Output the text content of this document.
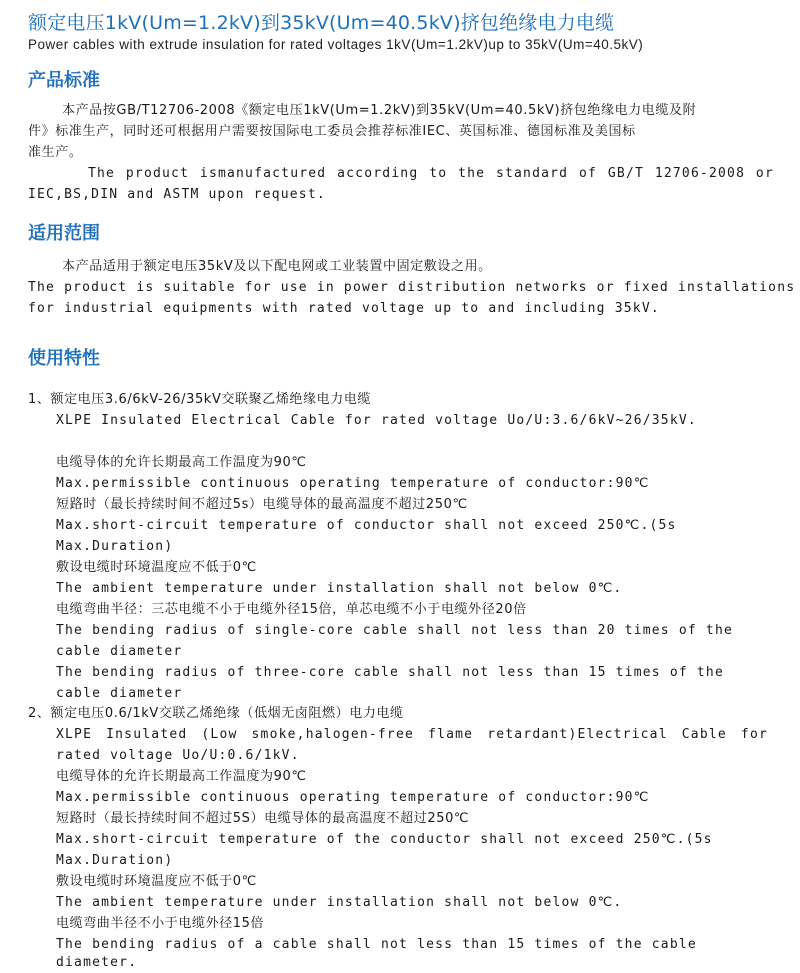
额定电压1kV(Um=1.2kV)到35kV(Um=40.5kV)挤包绝缘电力电缆
Power cables with extrude insulation for rated voltages 1kV(Um=1.2kV)up to 35kV(Um=40.5kV)
产品标准
本产品按GB/T12706-2008《额定电压1kV(Um=1.2kV)到35kV(Um=40.5kV)挤包绝缘电力电缆及附
件》标准生产，同时还可根据用户需要按国际电工委员会推荐标准IEC、英国标准、德国标准及美国标
准生产。
The product ismanufactured according to the standard of GB/T 12706-2008 or
IEC,BS,DIN and ASTM upon request.
适用范围
本产品适用于额定电压35kV及以下配电网或工业装置中固定敷设之用。
The product is suitable for use in power distribution networks or fixed installations
for industrial equipments with rated voltage up to and including 35kV.
使用特性
1、额定电压3.6/6kV-26/35kV交联聚乙烯绝缘电力电缆
XLPE Insulated Electrical Cable for rated voltage Uo/U:3.6/6kV~26/35kV.
电缆导体的允许长期最高工作温度为90℃
Max.permissible continuous operating temperature of conductor:90℃
短路时（最长持续时间不超过5s）电缆导体的最高温度不超过250℃
Max.short-circuit temperature of conductor shall not exceed 250℃.(5s
Max.Duration)
敷设电缆时环境温度应不低于0℃
The ambient temperature under installation shall not below 0℃.
电缆弯曲半径：三芯电缆不小于电缆外径15倍，单芯电缆不小于电缆外径20倍
The bending radius of single-core cable shall not less than 20 times of the
cable diameter
The bending radius of three-core cable shall not less than 15 times of the
cable diameter
2、额定电压0.6/1kV交联乙烯绝缘（低烟无卤阻燃）电力电缆
XLPE Insulated (Low smoke,halogen-free flame retardant)Electrical Cable for
rated voltage Uo/U:0.6/1kV.
电缆导体的允许长期最高工作温度为90℃
Max.permissible continuous operating temperature of conductor:90℃
短路时（最长持续时间不超过5S）电缆导体的最高温度不超过250℃
Max.short-circuit temperature of the conductor shall not exceed 250℃.(5s
Max.Duration)
敷设电缆时环境温度应不低于0℃
The ambient temperature under installation shall not below 0℃.
电缆弯曲半径不小于电缆外径15倍
The bending radius of a cable shall not less than 15 times of the cable
diameter.
